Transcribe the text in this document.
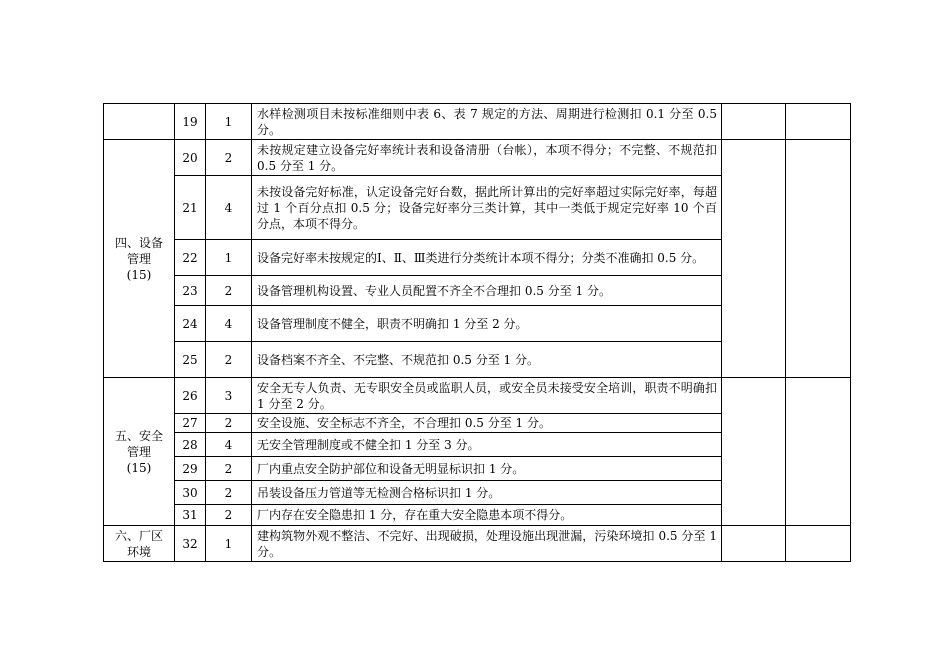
	19	1	水样检测项目未按标准细则中表 6、表 7 规定的方法、周期进行检测扣 0.1 分至 0.5 分。		
四、设备
管理
(15)	20	2	未按规定建立设备完好率统计表和设备清册（台帐），本项不得分；不完整、不规范扣 0.5 分至 1 分。		
	21	4	未按设备完好标准，认定设备完好台数，据此所计算出的完好率超过实际完好率，每超过 1 个百分点扣 0.5 分；设备完好率分三类计算，其中一类低于规定完好率 10 个百分点，本项不得分。		
	22	1	设备完好率未按规定的Ⅰ、Ⅱ、Ⅲ类进行分类统计本项不得分；分类不准确扣 0.5 分。		
	23	2	设备管理机构设置、专业人员配置不齐全不合理扣 0.5 分至 1 分。		
	24	4	设备管理制度不健全，职责不明确扣 1 分至 2 分。		
	25	2	设备档案不齐全、不完整、不规范扣 0.5 分至 1 分。		
五、安全
管理
(15)	26	3	安全无专人负责、无专职安全员或监职人员，或安全员未接受安全培训，职责不明确扣 1 分至 2 分。		
	27	2	安全设施、安全标志不齐全，不合理扣 0.5 分至 1 分。		
	28	4	无安全管理制度或不健全扣 1 分至 3 分。		
	29	2	厂内重点安全防护部位和设备无明显标识扣 1 分。		
	30	2	吊装设备压力管道等无检测合格标识扣 1 分。		
	31	2	厂内存在安全隐患扣 1 分，存在重大安全隐患本项不得分。		
六、厂区
环境	32	1	建构筑物外观不整洁、不完好、出现破损，处理设施出现泄漏，污染环境扣 0.5 分至 1 分。		
